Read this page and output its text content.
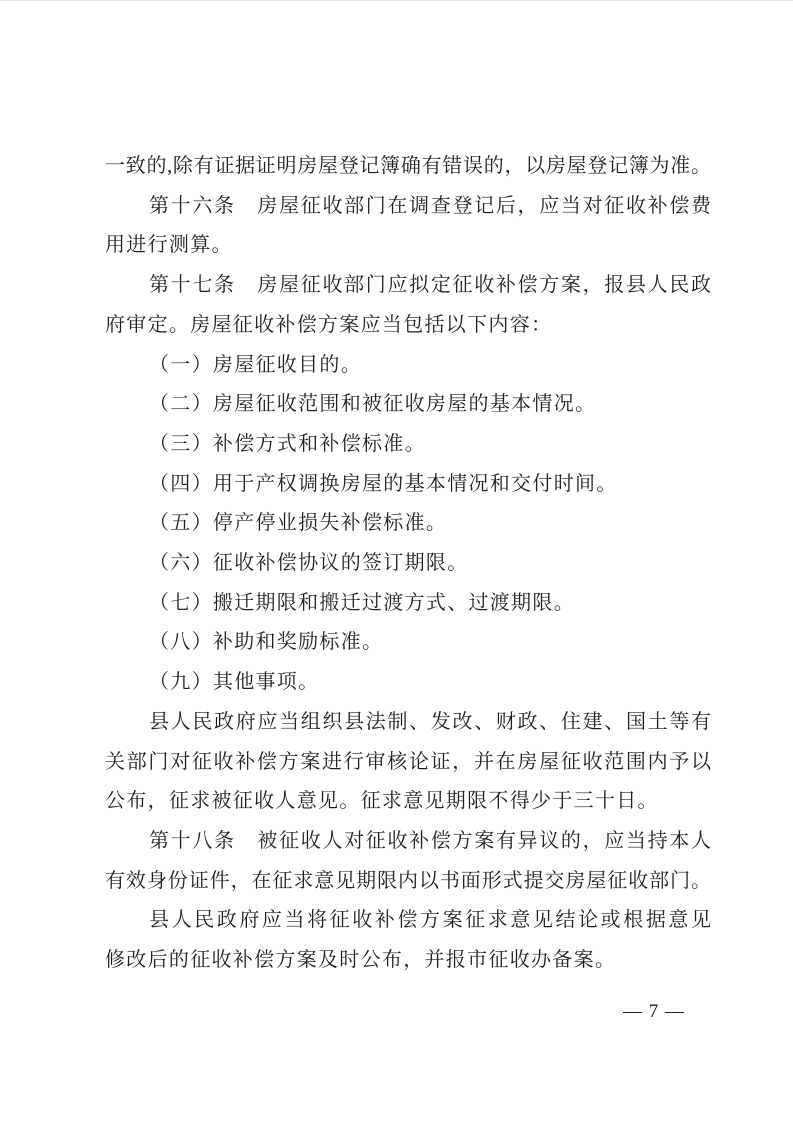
一致的,除有证据证明房屋登记簿确有错误的，以房屋登记簿为准。
第十六条　房屋征收部门在调查登记后，应当对征收补偿费
用进行测算。
第十七条　房屋征收部门应拟定征收补偿方案，报县人民政
府审定。房屋征收补偿方案应当包括以下内容：
（一）房屋征收目的。
（二）房屋征收范围和被征收房屋的基本情况。
（三）补偿方式和补偿标准。
（四）用于产权调换房屋的基本情况和交付时间。
（五）停产停业损失补偿标准。
（六）征收补偿协议的签订期限。
（七）搬迁期限和搬迁过渡方式、过渡期限。
（八）补助和奖励标准。
（九）其他事项。
县人民政府应当组织县法制、发改、财政、住建、国土等有
关部门对征收补偿方案进行审核论证，并在房屋征收范围内予以
公布，征求被征收人意见。征求意见期限不得少于三十日。
第十八条　被征收人对征收补偿方案有异议的，应当持本人
有效身份证件，在征求意见期限内以书面形式提交房屋征收部门。
县人民政府应当将征收补偿方案征求意见结论或根据意见
修改后的征收补偿方案及时公布，并报市征收办备案。
— 7 —
